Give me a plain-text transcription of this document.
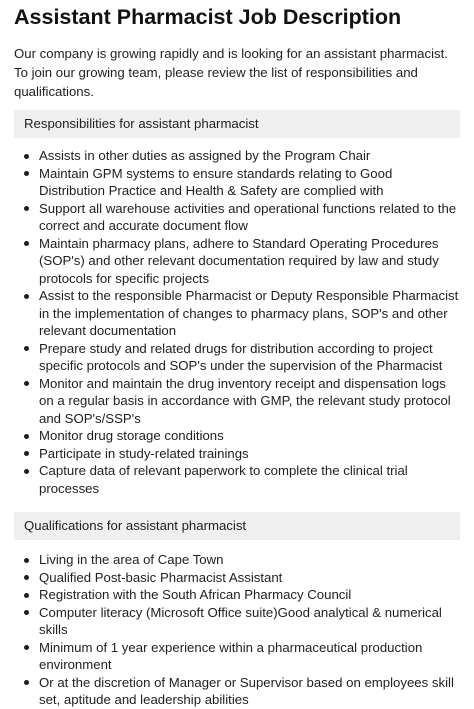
Assistant Pharmacist Job Description

Our company is growing rapidly and is looking for an assistant pharmacist. To join our growing team, please review the list of responsibilities and qualifications.

Responsibilities for assistant pharmacist
Assists in other duties as assigned by the Program Chair
Maintain GPM systems to ensure standards relating to Good Distribution Practice and Health & Safety are complied with
Support all warehouse activities and operational functions related to the correct and accurate document flow
Maintain pharmacy plans, adhere to Standard Operating Procedures (SOP's) and other relevant documentation required by law and study protocols for specific projects
Assist to the responsible Pharmacist or Deputy Responsible Pharmacist in the implementation of changes to pharmacy plans, SOP's and other relevant documentation
Prepare study and related drugs for distribution according to project specific protocols and SOP's under the supervision of the Pharmacist
Monitor and maintain the drug inventory receipt and dispensation logs on a regular basis in accordance with GMP, the relevant study protocol and SOP's/SSP's
Monitor drug storage conditions
Participate in study-related trainings
Capture data of relevant paperwork to complete the clinical trial processes
Qualifications for assistant pharmacist
Living in the area of Cape Town
Qualified Post-basic Pharmacist Assistant
Registration with the South African Pharmacy Council
Computer literacy (Microsoft Office suite)Good analytical & numerical skills
Minimum of 1 year experience within a pharmaceutical production environment
Or at the discretion of Manager or Supervisor based on employees skill set, aptitude and leadership abilities
